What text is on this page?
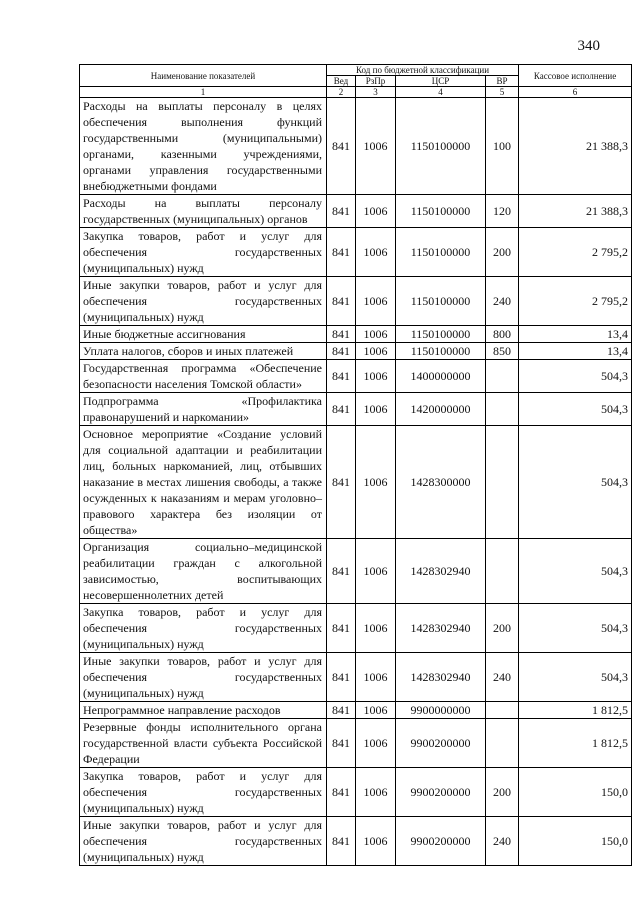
340
Наименование показателей	Код по бюджетной классификации				Кассовое исполнение
	Вед	РзПр	ЦСР	ВР	
1	2	3	4	5	6
Расходы на выплаты персоналу в целях обеспечения выполнения функций государственными (муниципальными) органами, казенными учреждениями, органами управления государственными внебюджетными фондами	841	1006	1150100000	100	21 388,3
Расходы на выплаты персоналу государственных (муниципальных) органов	841	1006	1150100000	120	21 388,3
Закупка товаров, работ и услуг для обеспечения государственных (муниципальных) нужд	841	1006	1150100000	200	2 795,2
Иные закупки товаров, работ и услуг для обеспечения государственных (муниципальных) нужд	841	1006	1150100000	240	2 795,2
Иные бюджетные ассигнования	841	1006	1150100000	800	13,4
Уплата налогов, сборов и иных платежей	841	1006	1150100000	850	13,4
Государственная программа «Обеспечение безопасности населения Томской области»	841	1006	1400000000		504,3
Подпрограмма «Профилактика правонарушений и наркомании»	841	1006	1420000000		504,3
Основное мероприятие «Создание условий для социальной адаптации и реабилитации лиц, больных наркоманией, лиц, отбывших наказание в местах лишения свободы, а также осужденных к наказаниям и мерам уголовно–правового характера без изоляции от общества»	841	1006	1428300000		504,3
Организация социально–медицинской реабилитации граждан с алкогольной зависимостью, воспитывающих несовершеннолетних детей	841	1006	1428302940		504,3
Закупка товаров, работ и услуг для обеспечения государственных (муниципальных) нужд	841	1006	1428302940	200	504,3
Иные закупки товаров, работ и услуг для обеспечения государственных (муниципальных) нужд	841	1006	1428302940	240	504,3
Непрограммное направление расходов	841	1006	9900000000		1 812,5
Резервные фонды исполнительного органа государственной власти субъекта Российской Федерации	841	1006	9900200000		1 812,5
Закупка товаров, работ и услуг для обеспечения государственных (муниципальных) нужд	841	1006	9900200000	200	150,0
Иные закупки товаров, работ и услуг для обеспечения государственных (муниципальных) нужд	841	1006	9900200000	240	150,0
